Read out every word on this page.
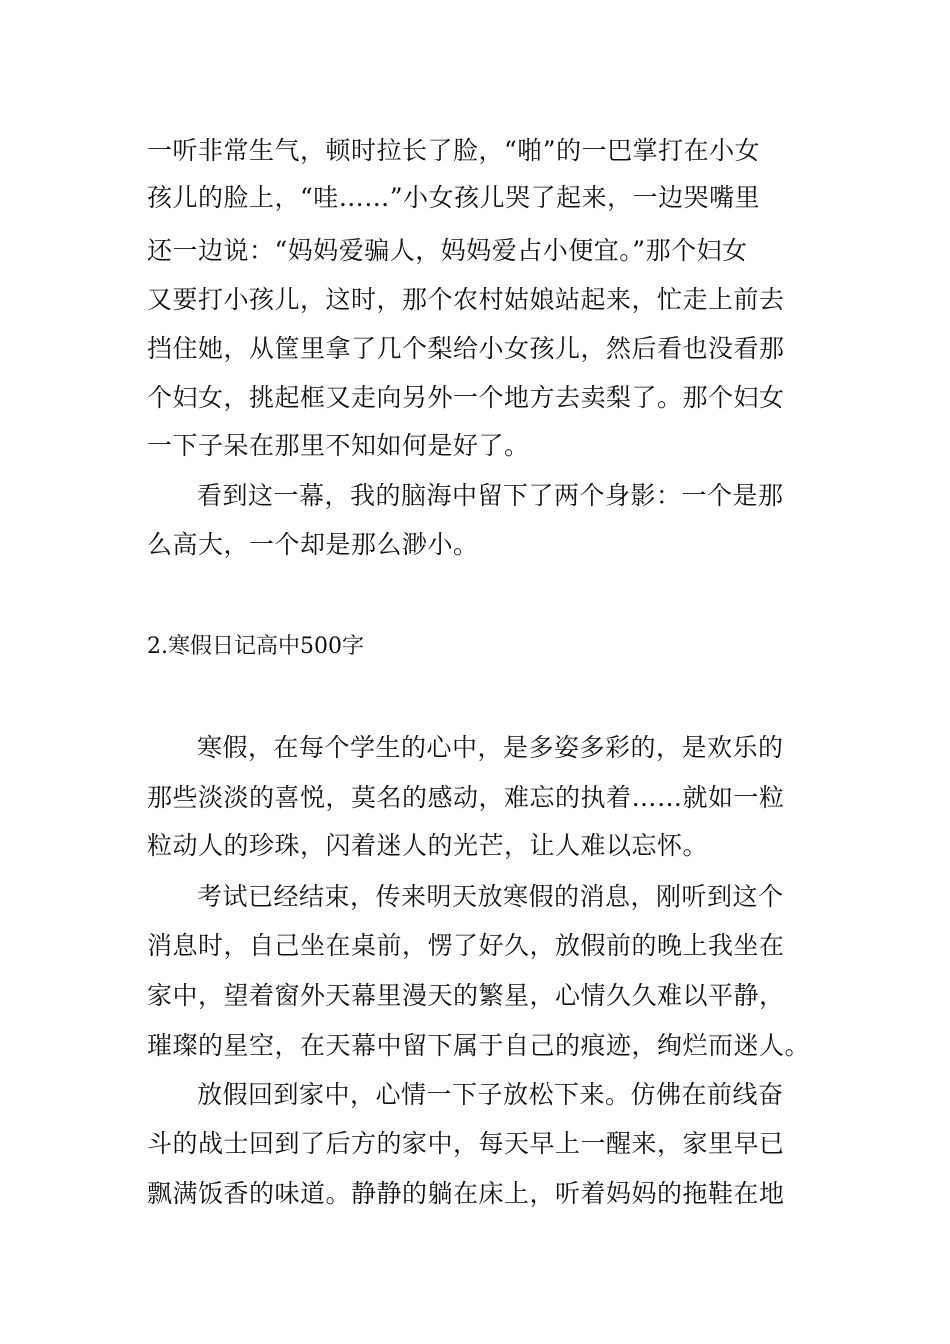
一听非常生气，顿时拉长了脸，“啪”的一巴掌打在小女
孩儿的脸上，“哇……”小女孩儿哭了起来，一边哭嘴里
还一边说：“妈妈爱骗人，妈妈爱占小便宜。”那个妇女
又要打小孩儿，这时，那个农村姑娘站起来，忙走上前去
挡住她，从筐里拿了几个梨给小女孩儿，然后看也没看那
个妇女，挑起框又走向另外一个地方去卖梨了。那个妇女
一下子呆在那里不知如何是好了。
看到这一幕，我的脑海中留下了两个身影：一个是那
么高大，一个却是那么渺小。
2.寒假日记高中500字
寒假，在每个学生的心中，是多姿多彩的，是欢乐的
那些淡淡的喜悦，莫名的感动，难忘的执着……就如一粒
粒动人的珍珠，闪着迷人的光芒，让人难以忘怀。
考试已经结束，传来明天放寒假的消息，刚听到这个
消息时，自己坐在桌前，愣了好久，放假前的晚上我坐在
家中，望着窗外天幕里漫天的繁星，心情久久难以平静，
璀璨的星空，在天幕中留下属于自己的痕迹，绚烂而迷人。
放假回到家中，心情一下子放松下来。仿佛在前线奋
斗的战士回到了后方的家中，每天早上一醒来，家里早已
飘满饭香的味道。静静的躺在床上，听着妈妈的拖鞋在地
